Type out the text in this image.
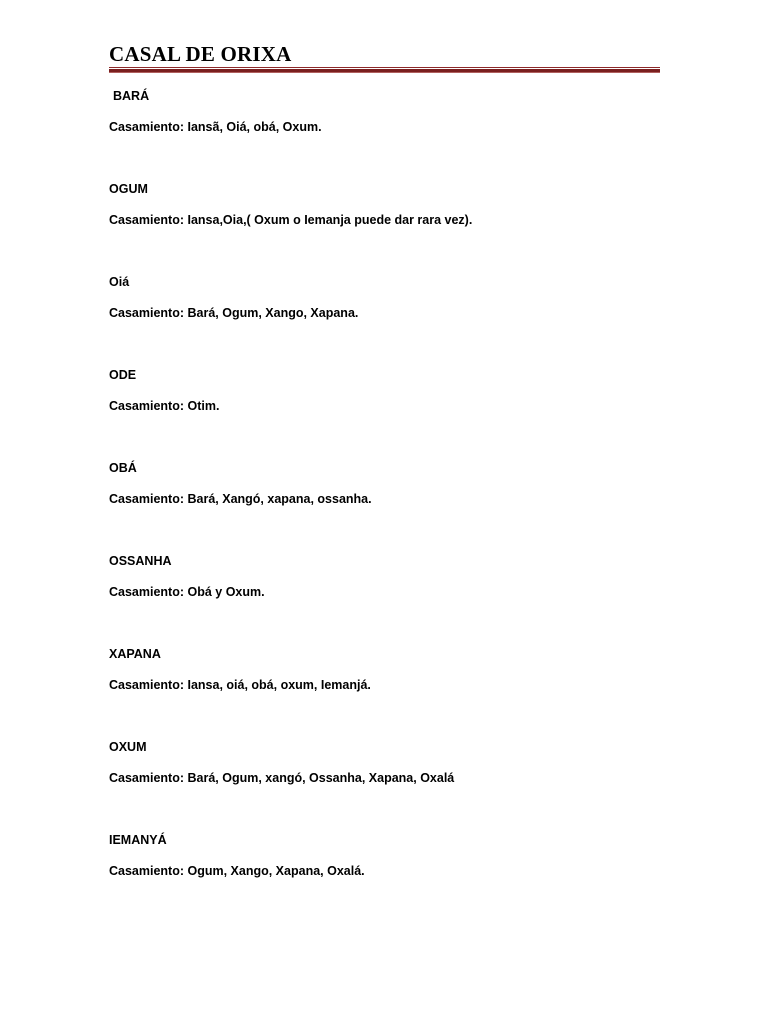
CASAL DE ORIXA

BARÁ

Casamiento: Iansã, Oiá, obá, Oxum.

OGUM

Casamiento: Iansa,Oia,( Oxum o Iemanja puede dar rara vez).

Oiá

Casamiento: Bará, Ogum, Xango, Xapana.

ODE

Casamiento: Otim.

OBÁ

Casamiento: Bará, Xangó, xapana, ossanha.

OSSANHA

Casamiento: Obá y Oxum.

XAPANA

Casamiento: Iansa, oiá, obá, oxum, Iemanjá.

OXUM

Casamiento: Bará, Ogum, xangó, Ossanha, Xapana, Oxalá

IEMANYÁ

Casamiento: Ogum, Xango, Xapana, Oxalá.
